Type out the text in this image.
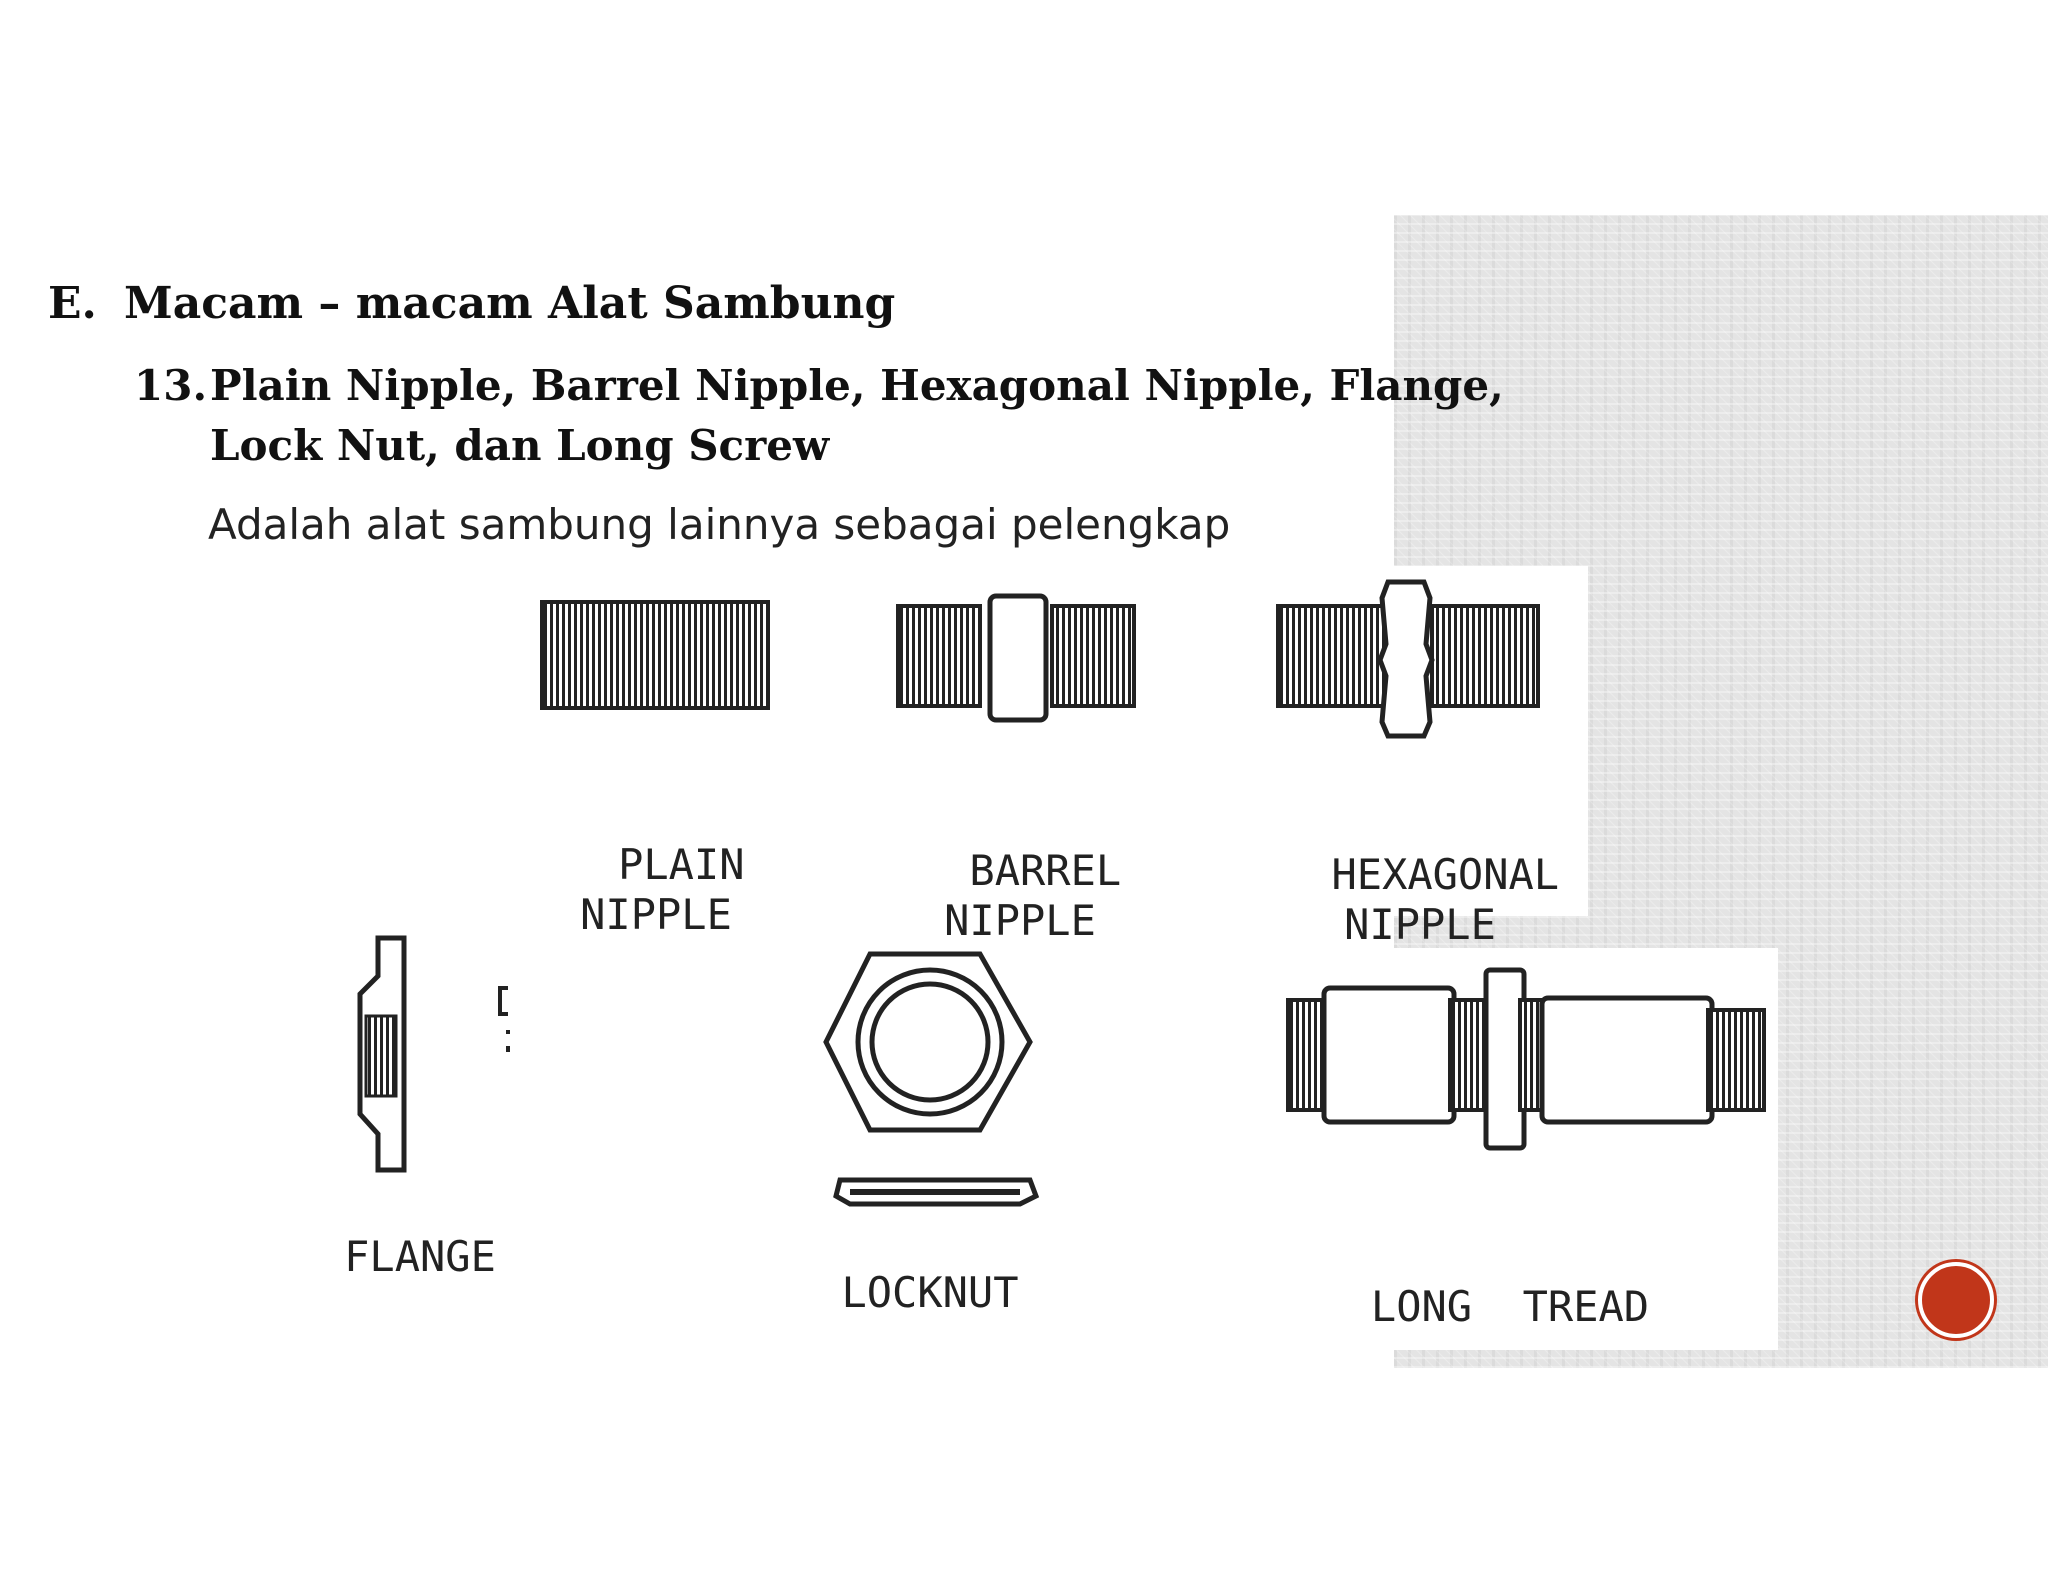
E. Macam – macam Alat Sambung
13.Plain Nipple, Barrel Nipple, Hexagonal Nipple, Flange,
Lock Nut, dan Long Screw

Adalah alat sambung lainnya sebagai pelengkap

PLAIN
NIPPLE

BARREL
NIPPLE

HEXAGONAL
NIPPLE

FLANGE

LOCKNUT	LONG  TREAD
